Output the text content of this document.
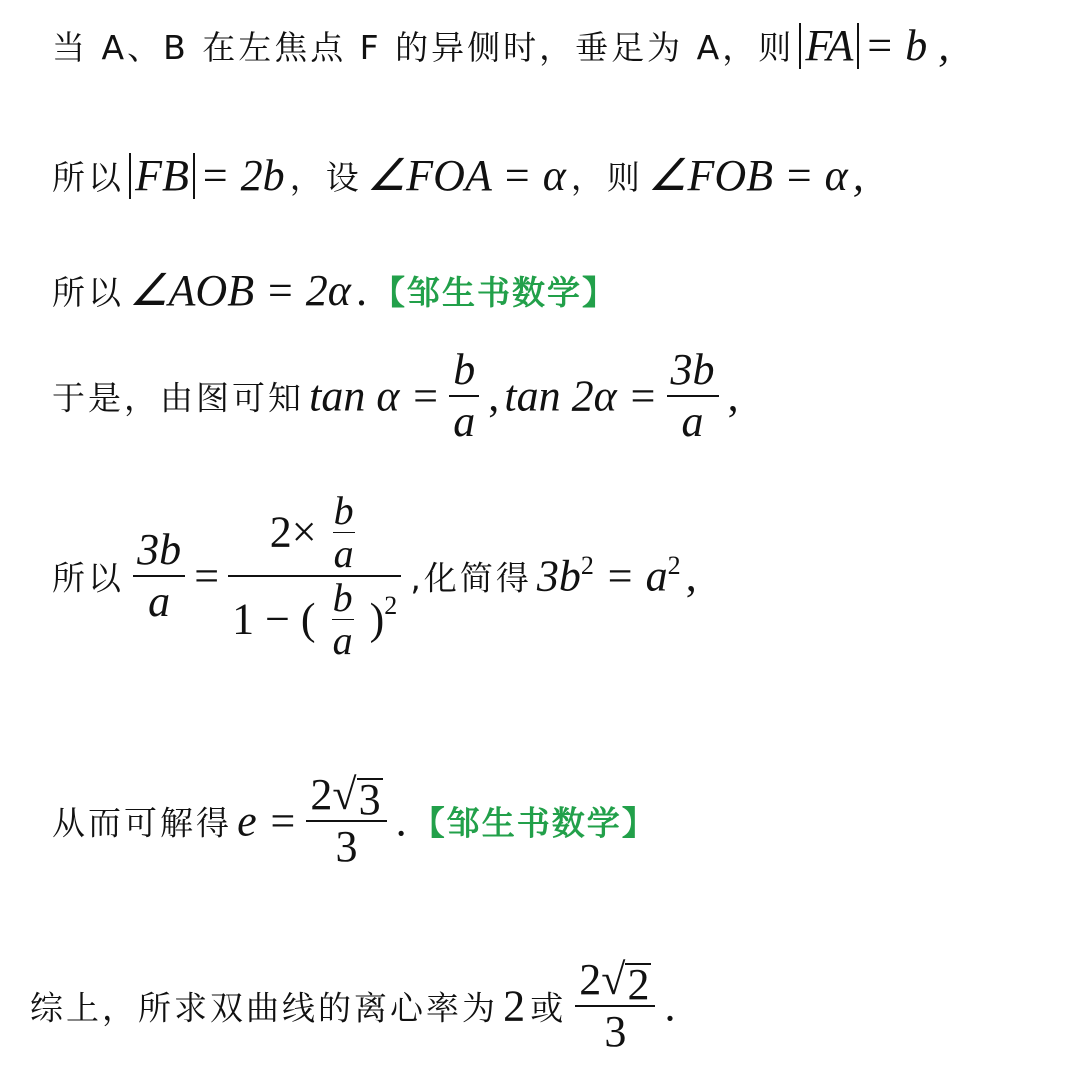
当 A、B 在左焦点 F 的异侧时，垂足为 A，则 FA = b ,
所以 FB = 2b ，设 ∠FOA = α ，则 ∠FOB = α ,
所以 ∠AOB = 2α . 【邹生书数学】
于是，由图可知 $\tan \alpha = \frac{b}{a}$ , $\tan 2\alpha = \frac{3b}{a}$ ,
所以 $\frac{3b}{a} = \frac{2\times \frac{b}{a}}{1 - ( \frac{b}{a} )^2}$ ,化简得 $3b^2 = a^2$ ,
从而可解得 $e = \frac{2 √ 3}{3}$ . 【邹生书数学】
综上，所求双曲线的离心率为 2 或 $\frac{2 √ 2}{3}$ .
